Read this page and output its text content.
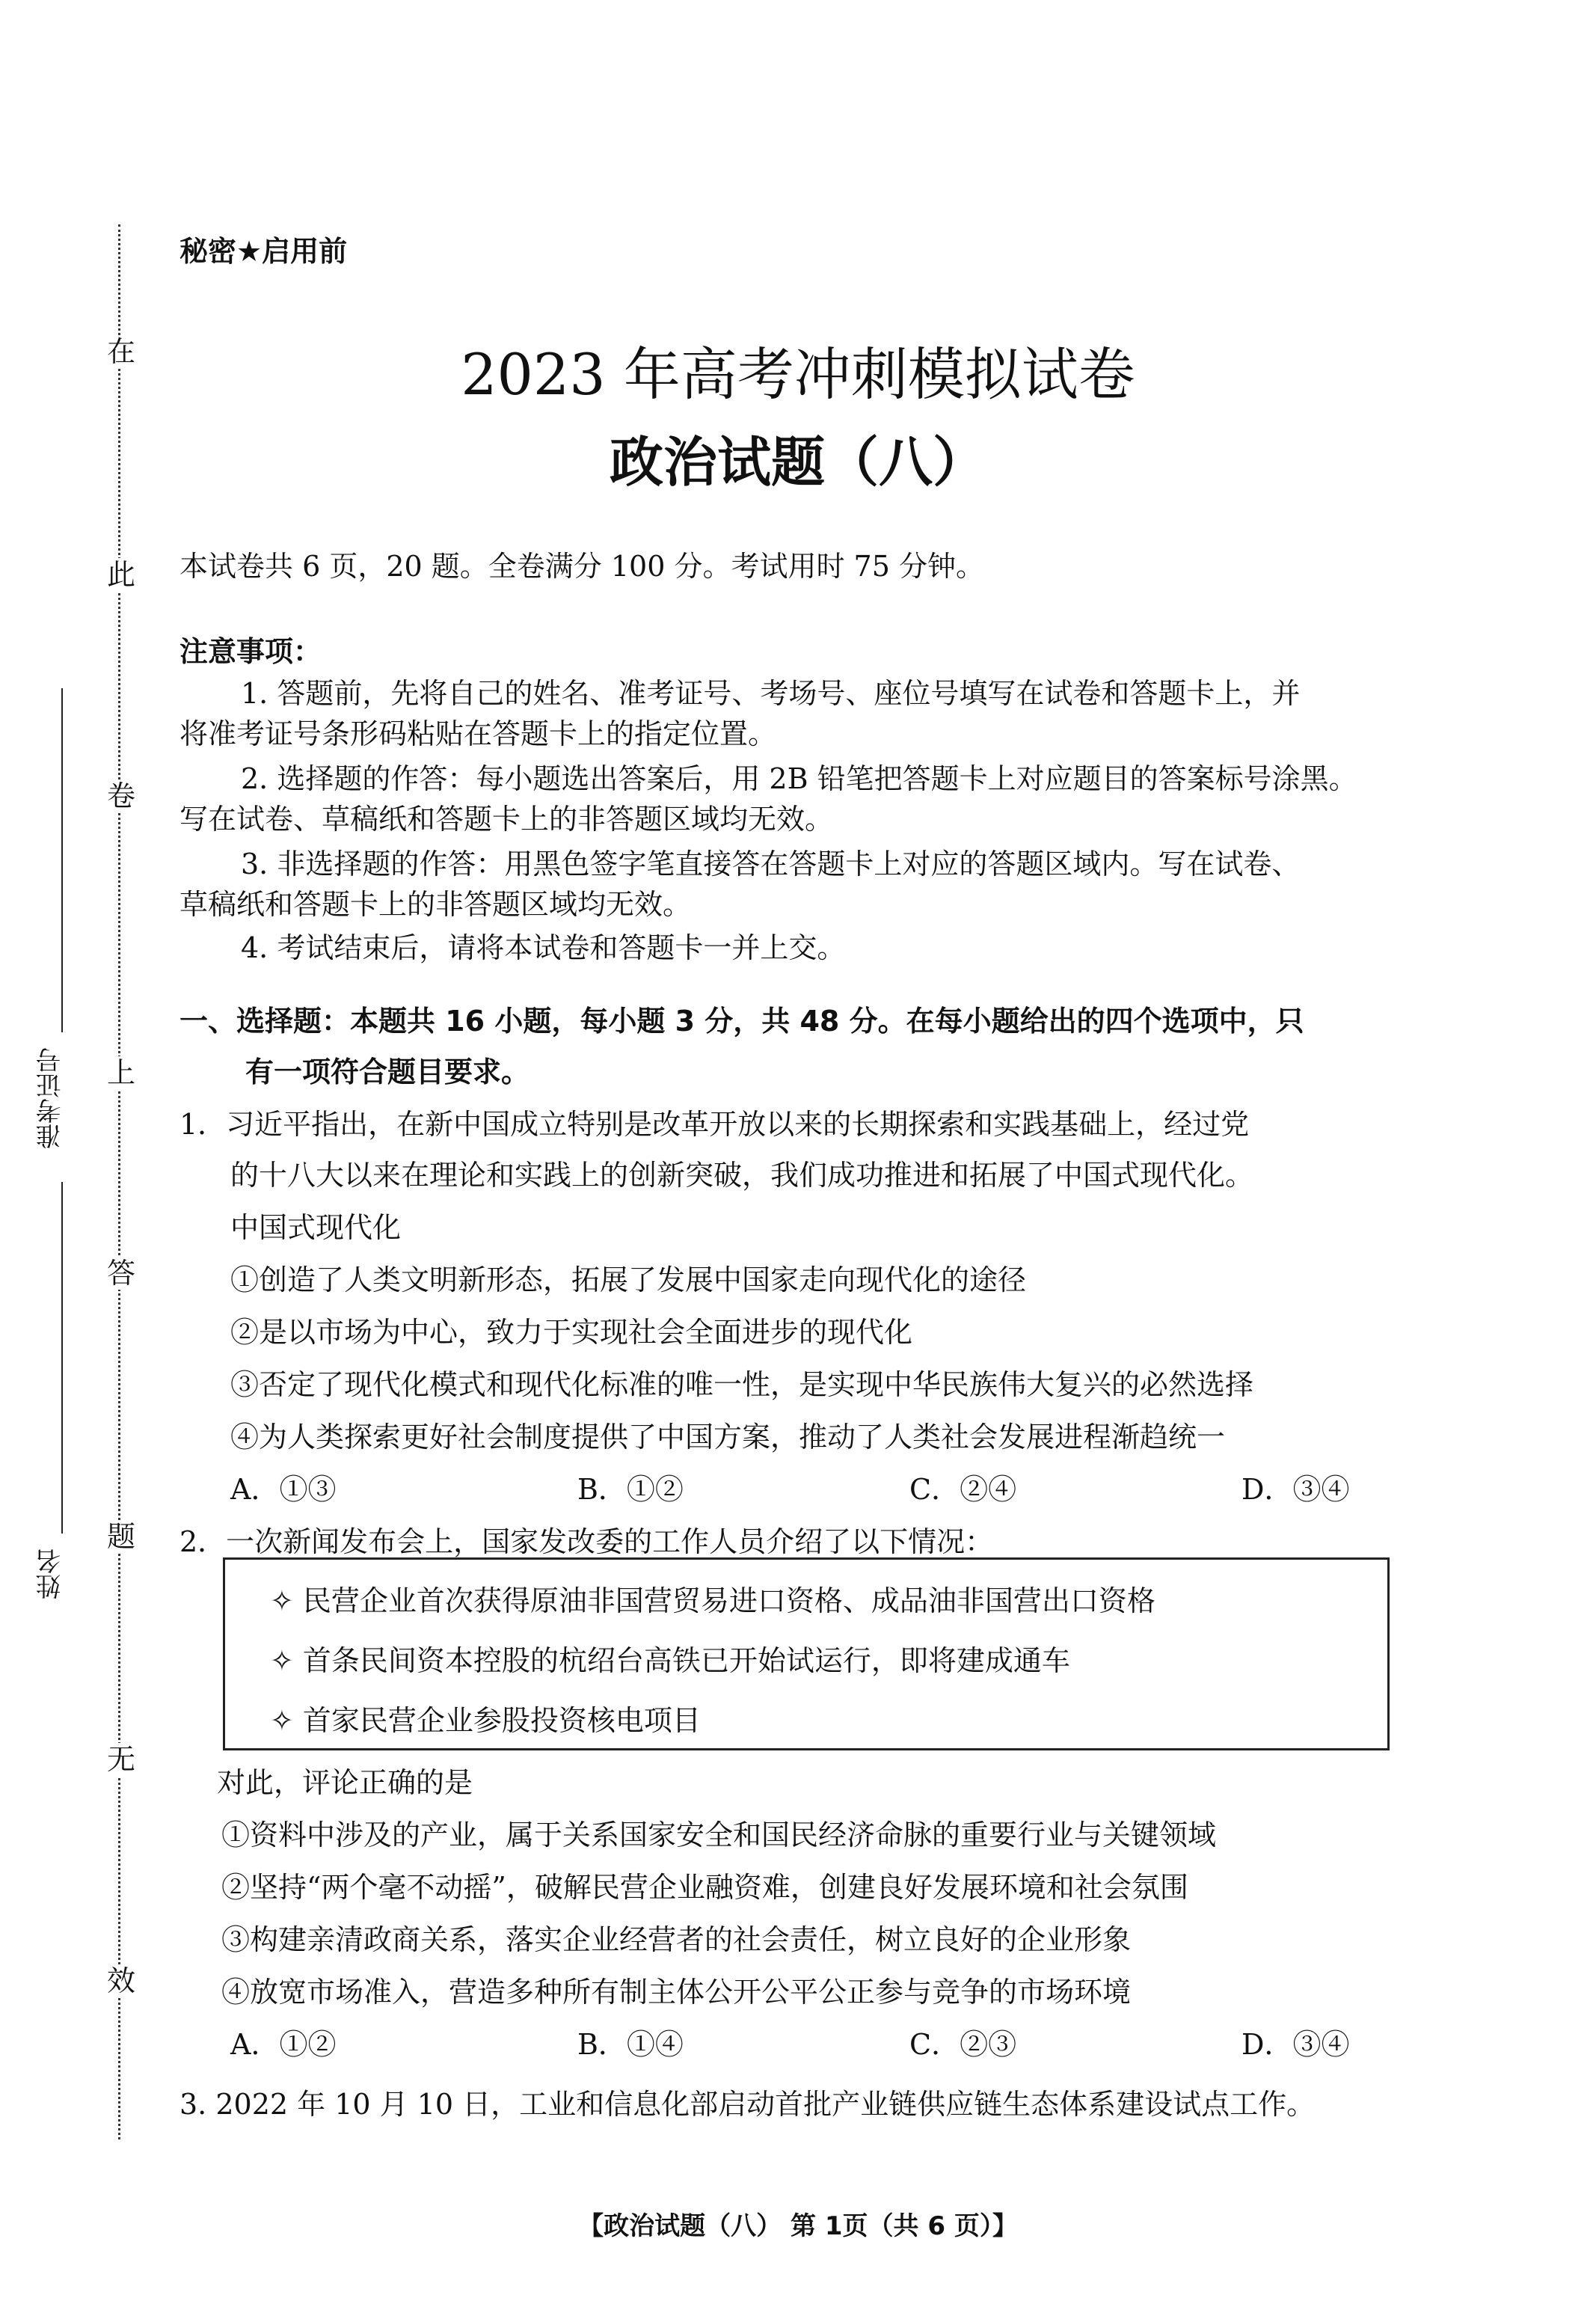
在
此
卷
上
答
题
无
效
准考证号
姓名
秘密★启用前
2023 年高考冲刺模拟试卷
政治试题（八）
本试卷共 6 页，20 题。全卷满分 100 分。考试用时 75 分钟。
注意事项：
1. 答题前，先将自己的姓名、准考证号、考场号、座位号填写在试卷和答题卡上，并
将准考证号条形码粘贴在答题卡上的指定位置。
2. 选择题的作答：每小题选出答案后，用 2B 铅笔把答题卡上对应题目的答案标号涂黑。
写在试卷、草稿纸和答题卡上的非答题区域均无效。
3. 非选择题的作答：用黑色签字笔直接答在答题卡上对应的答题区域内。写在试卷、
草稿纸和答题卡上的非答题区域均无效。
4. 考试结束后，请将本试卷和答题卡一并上交。
一、选择题：本题共 16 小题，每小题 3 分，共 48 分。在每小题给出的四个选项中，只
有一项符合题目要求。
1．习近平指出，在新中国成立特别是改革开放以来的长期探索和实践基础上，经过党
的十八大以来在理论和实践上的创新突破，我们成功推进和拓展了中国式现代化。
中国式现代化
①创造了人类文明新形态，拓展了发展中国家走向现代化的途径
②是以市场为中心，致力于实现社会全面进步的现代化
③否定了现代化模式和现代化标准的唯一性，是实现中华民族伟大复兴的必然选择
④为人类探索更好社会制度提供了中国方案，推动了人类社会发展进程渐趋统一
A．①③	B．①②	C．②④	D．③④
2．一次新闻发布会上，国家发改委的工作人员介绍了以下情况：
✧ 民营企业首次获得原油非国营贸易进口资格、成品油非国营出口资格
✧ 首条民间资本控股的杭绍台高铁已开始试运行，即将建成通车
✧ 首家民营企业参股投资核电项目
对此，评论正确的是
①资料中涉及的产业，属于关系国家安全和国民经济命脉的重要行业与关键领域
②坚持“两个毫不动摇”，破解民营企业融资难，创建良好发展环境和社会氛围
③构建亲清政商关系，落实企业经营者的社会责任，树立良好的企业形象
④放宽市场准入，营造多种所有制主体公开公平公正参与竞争的市场环境
A．①②	B．①④	C．②③	D．③④
3. 2022 年 10 月 10 日，工业和信息化部启动首批产业链供应链生态体系建设试点工作。
【政治试题（八） 第 1页（共 6 页）】
